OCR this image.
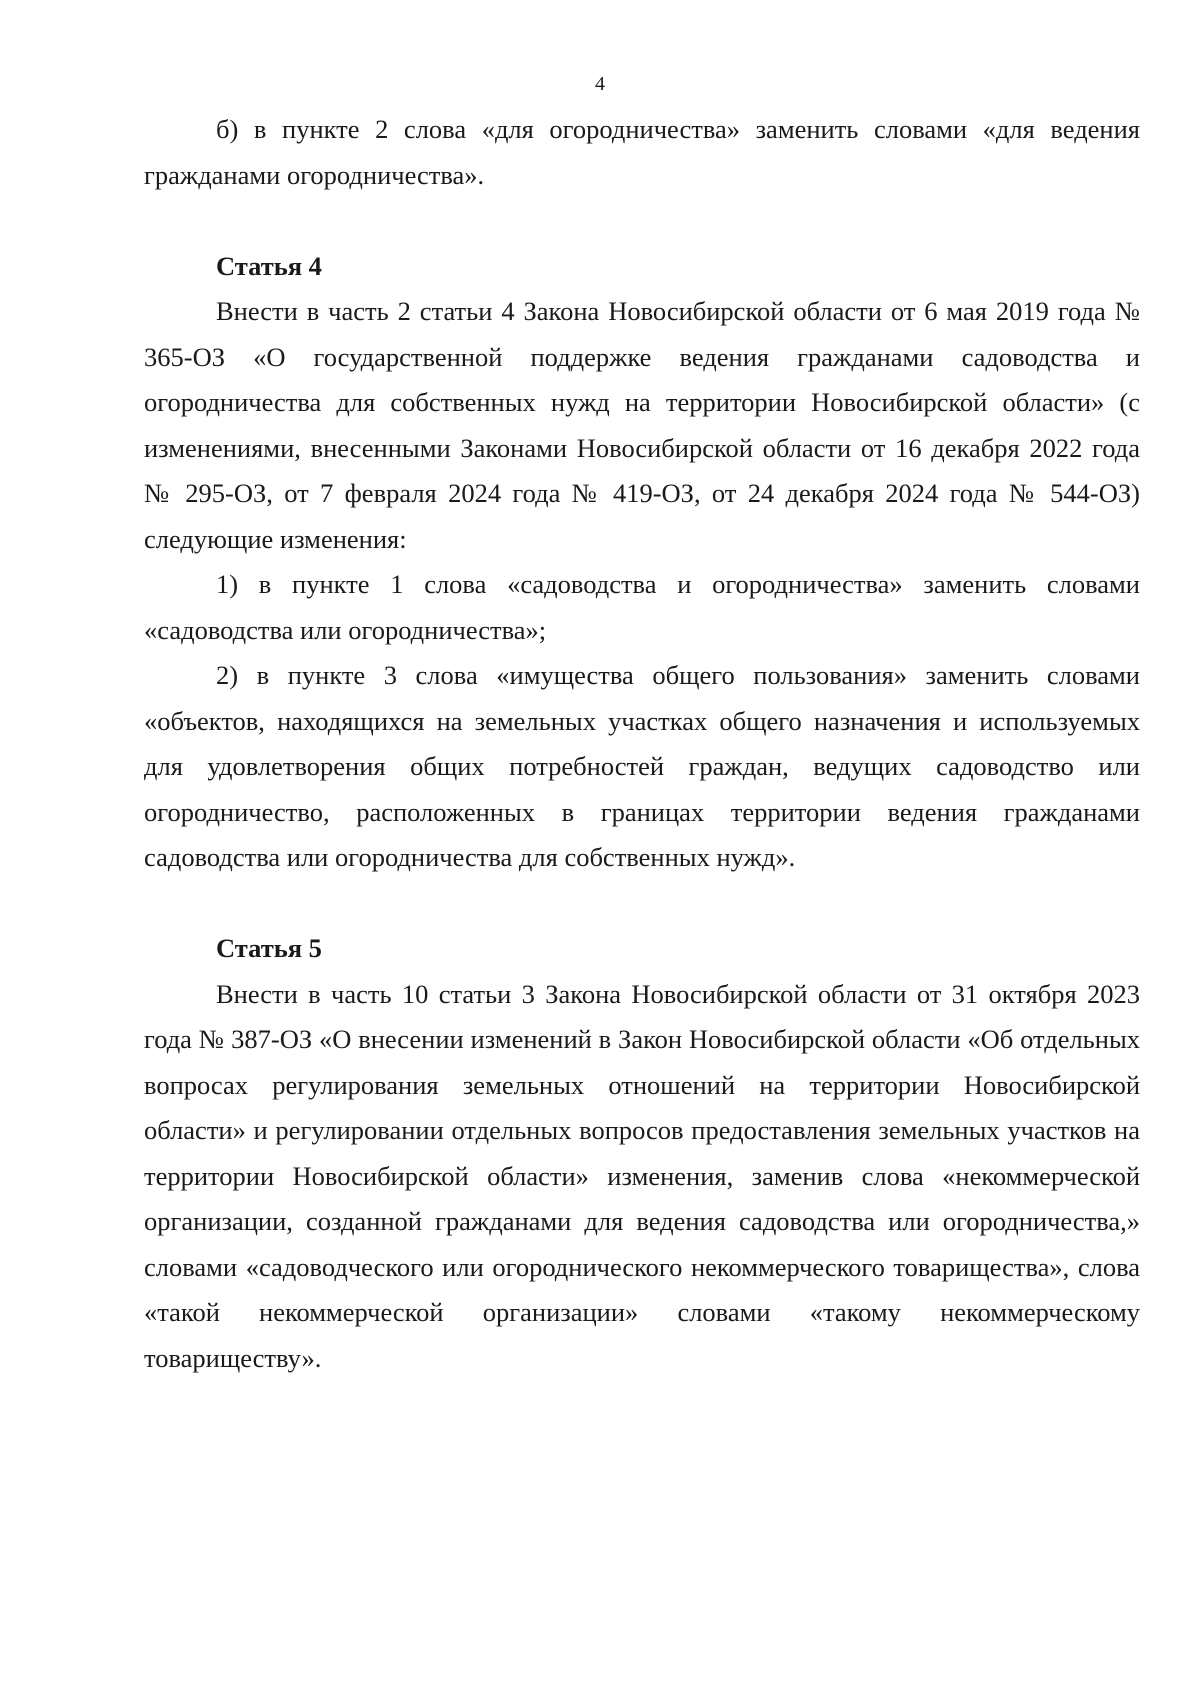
4

б) в пункте 2 слова «для огородничества» заменить словами «для ведения гражданами огородничества».

Статья 4

Внести в часть 2 статьи 4 Закона Новосибирской области от 6 мая 2019 года № 365-ОЗ «О государственной поддержке ведения гражданами садоводства и огородничества для собственных нужд на территории Новосибирской области» (с изменениями, внесенными Законами Новосибирской области от 16 декабря 2022 года № 295-ОЗ, от 7 февраля 2024 года № 419-ОЗ, от 24 декабря 2024 года № 544-ОЗ) следующие изменения:

1) в пункте 1 слова «садоводства и огородничества» заменить словами «садоводства или огородничества»;

2) в пункте 3 слова «имущества общего пользования» заменить словами «объектов, находящихся на земельных участках общего назначения и используемых для удовлетворения общих потребностей граждан, ведущих садоводство или огородничество, расположенных в границах территории ведения гражданами садоводства или огородничества для собственных нужд».

Статья 5

Внести в часть 10 статьи 3 Закона Новосибирской области от 31 октября 2023 года № 387-ОЗ «О внесении изменений в Закон Новосибирской области «Об отдельных вопросах регулирования земельных отношений на территории Новосибирской области» и регулировании отдельных вопросов предоставления земельных участков на территории Новосибирской области» изменения, заменив слова «некоммерческой организации, созданной гражданами для ведения садоводства или огородничества,» словами «садоводческого или огороднического некоммерческого товарищества», слова «такой некоммерческой организации» словами «такому некоммерческому товариществу».
